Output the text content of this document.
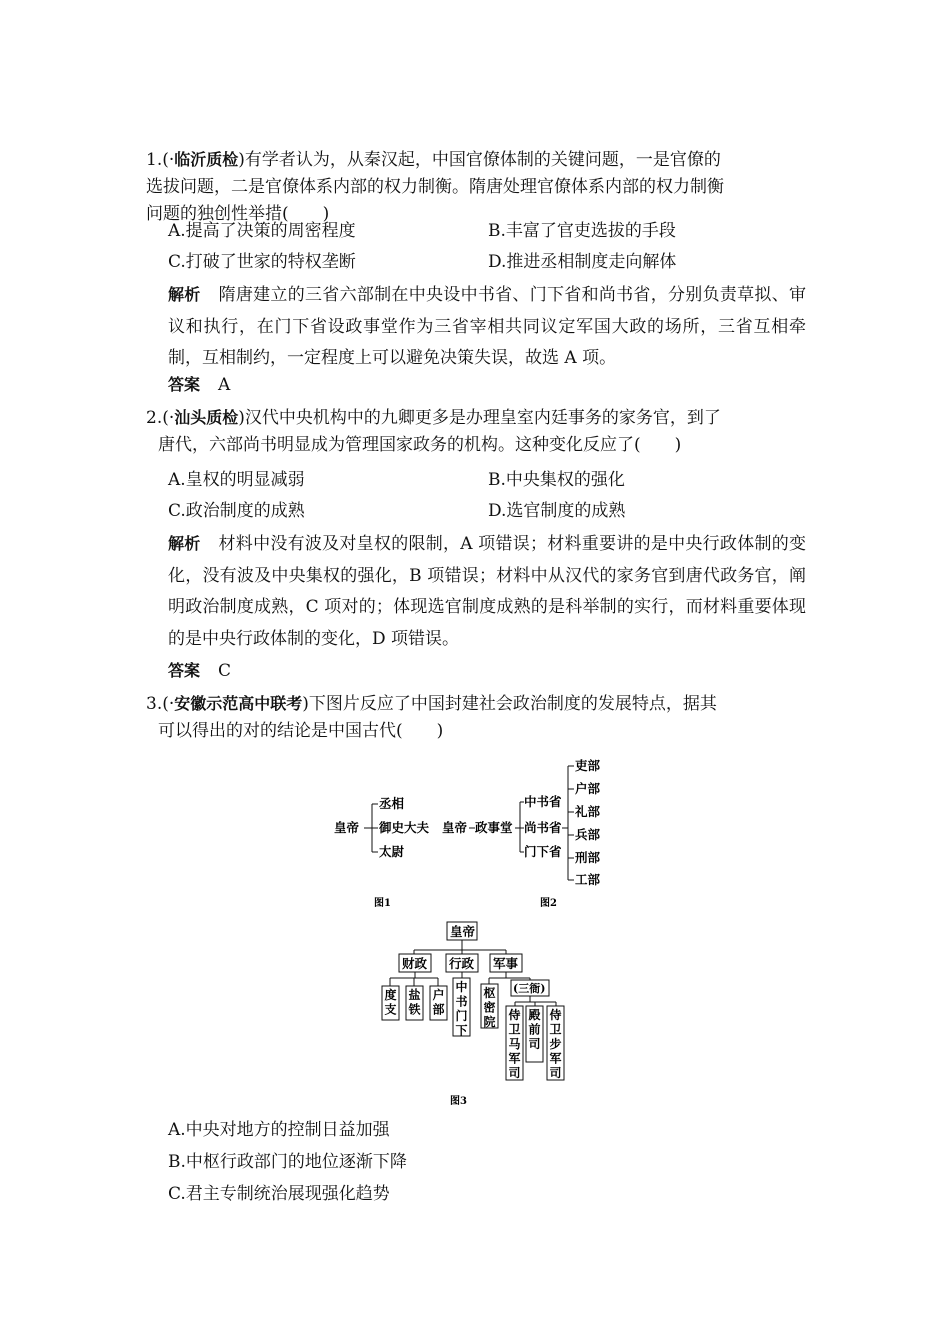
1.(·临沂质检)有学者认为，从秦汉起，中国官僚体制的关键问题，一是官僚的
选拔问题，二是官僚体系内部的权力制衡。隋唐处理官僚体系内部的权力制衡
问题的独创性举措(　　)
A.提高了决策的周密程度	B.丰富了官吏选拔的手段
C.打破了世家的特权垄断	D.推进丞相制度走向解体
解析 隋唐建立的三省六部制在中央设中书省、门下省和尚书省，分别负责草拟、审议和执行，在门下省设政事堂作为三省宰相共同议定军国大政的场所，三省互相牵制，互相制约，一定程度上可以避免决策失误，故选 A 项。
答案 A
2.(·汕头质检)汉代中央机构中的九卿更多是办理皇室内廷事务的家务官，到了
唐代，六部尚书明显成为管理国家政务的机构。这种变化反应了(　　)
A.皇权的明显减弱	B.中央集权的强化
C.政治制度的成熟	D.选官制度的成熟
解析 材料中没有波及对皇权的限制，A 项错误；材料重要讲的是中央行政体制的变化，没有波及中央集权的强化，B 项错误；材料中从汉代的家务官到唐代政务官，阐明政治制度成熟，C 项对的；体现选官制度成熟的是科举制的实行，而材料重要体现的是中央行政体制的变化，D 项错误。
答案 C
3.(·安徽示范高中联考)下图片反应了中国封建社会政治制度的发展特点，据其
可以得出的对的结论是中国古代(　　)
皇帝
丞相
御史大夫
太尉
图1
皇帝 政事堂
中书省
尚书省
门下省
吏部
户部
礼部
兵部
刑部
工部
图2
皇帝
财政 行政 军事
(三衙)
度支
盐铁
户部
中书门下
枢密院 侍卫马军司
殿前司
侍卫步军司
图3
A.中央对地方的控制日益加强
B.中枢行政部门的地位逐渐下降
C.君主专制统治展现强化趋势
